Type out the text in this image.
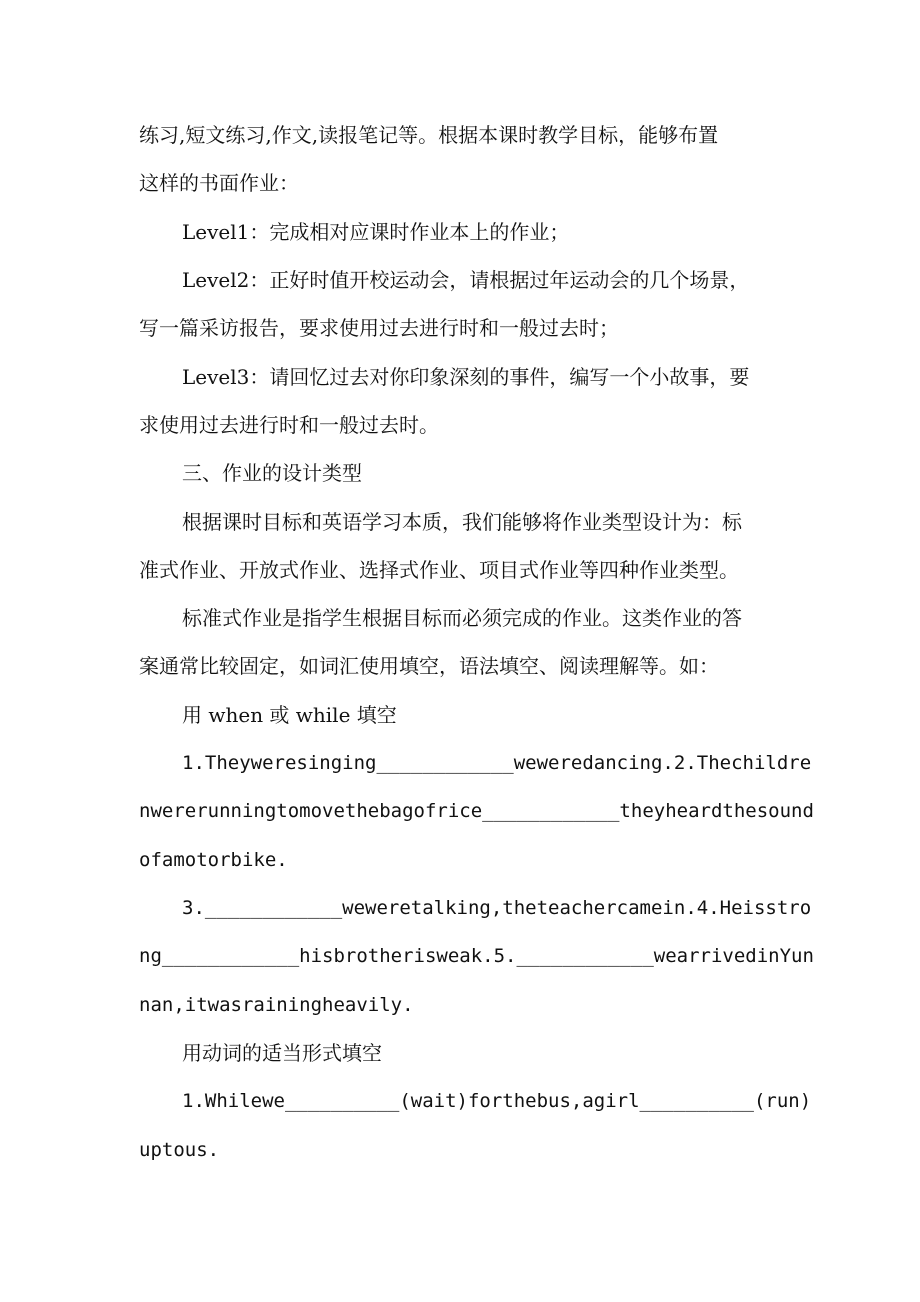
练习,短文练习,作文,读报笔记等。根据本课时教学目标，能够布置

这样的书面作业：

Level1：完成相对应课时作业本上的作业；

Level2：正好时值开校运动会，请根据过年运动会的几个场景，

写一篇采访报告，要求使用过去进行时和一般过去时；

Level3：请回忆过去对你印象深刻的事件，编写一个小故事，要

求使用过去进行时和一般过去时。

三、作业的设计类型

根据课时目标和英语学习本质，我们能够将作业类型设计为：标

准式作业、开放式作业、选择式作业、项目式作业等四种作业类型。

标准式作业是指学生根据目标而必须完成的作业。这类作业的答

案通常比较固定，如词汇使用填空，语法填空、阅读理解等。如：

用 when 或 while 填空

1.Theyweresinging____________weweredancing.2.Thechildre

nwererunningtomovethebagofrice____________theyheardthesound

ofamotorbike.

3.____________weweretalking,theteachercamein.4.Heisstro

ng____________hisbrotherisweak.5.____________wearrivedinYun

nan,itwasrainingheavily.

用动词的适当形式填空

1.Whilewe__________(wait)forthebus,agirl__________(run)

uptous.
